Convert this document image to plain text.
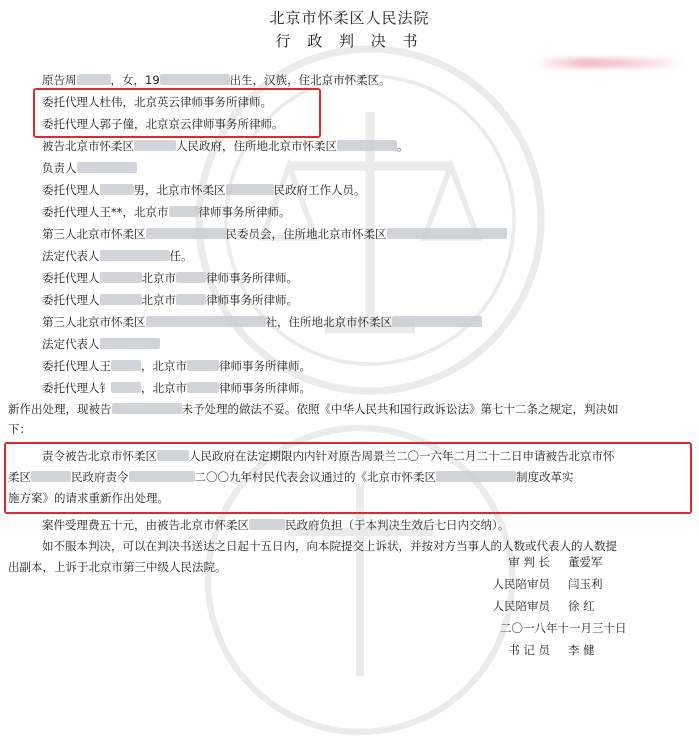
北京市怀柔区人民法院
行 政 判 决 书
原告周	，女，19	出生，汉族，住北京市怀柔区。
委托代理人杜伟，北京英云律师事务所律师。
委托代理人郭子僮，北京京云律师事务所律师。
被告北京市怀柔区	人民政府，住所地北京市怀柔区	。
负责人
委托代理人	男，北京市怀柔区	民政府工作人员。
委托代理人王**，北京市	律师事务所律师。
第三人北京市怀柔区	民委员会，住所地北京市怀柔区
法定代表人	任。
委托代理人	北京市	律师事务所律师。
委托代理人	北京市	律师事务所律师。
第三人北京市怀柔区	社，住所地北京市怀柔区
法定代表人
委托代理人王	，北京市	律师事务所律师。
委托代理人钅	，北京市	律师事务所律师。
新作出处理，现被告	未予处理的做法不妥。依照《中华人民共和国行政诉讼法》第七十二条之规定，判决如
下：
责令被告北京市怀柔区	人民政府在法定期限内内针对原告周景兰二〇一六年二月二十二日申请被告北京市怀
柔区	民政府责令	二〇〇九年村民代表会议通过的《北京市怀柔区	制度改革实
施方案》的请求重新作出处理。
案件受理费五十元，由被告北京市怀柔区	民政府负担（于本判决生效后七日内交纳）。
如不服本判决，可以在判决书送达之日起十五日内，向本院提交上诉状，并按对方当事人的人数或代表人的人数提
出副本，上诉于北京市第三中级人民法院。	审 判 长 董爱军
人民陪审员 闫玉利
人民陪审员 徐 红
二〇一八年十一月三十日
书 记 员 李 健
